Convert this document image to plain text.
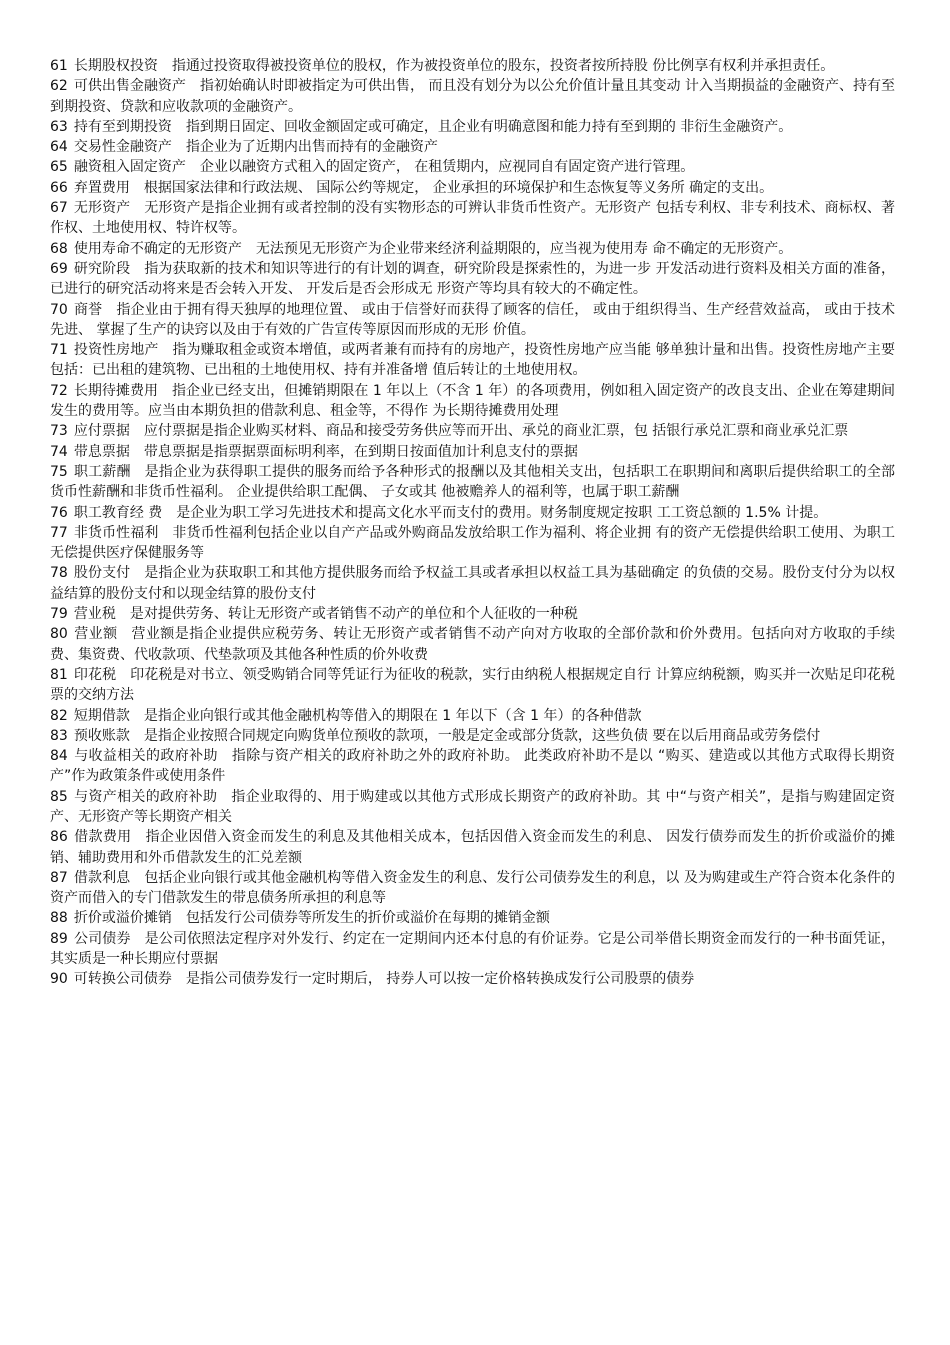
61 长期股权投资 指通过投资取得被投资单位的股权，作为被投资单位的股东，投资者按所持股 份比例享有权利并承担责任。

62 可供出售金融资产 指初始确认时即被指定为可供出售， 而且没有划分为以公允价值计量且其变动 计入当期损益的金融资产、持有至到期投资、贷款和应收款项的金融资产。

63 持有至到期投资 指到期日固定、回收金额固定或可确定，且企业有明确意图和能力持有至到期的 非衍生金融资产。

64 交易性金融资产 指企业为了近期内出售而持有的金融资产

65 融资租入固定资产 企业以融资方式租入的固定资产， 在租赁期内，应视同自有固定资产进行管理。

66 弃置费用 根据国家法律和行政法规、 国际公约等规定， 企业承担的环境保护和生态恢复等义务所 确定的支出。

67 无形资产 无形资产是指企业拥有或者控制的没有实物形态的可辨认非货币性资产。无形资产 包括专利权、非专利技术、商标权、著作权、土地使用权、特许权等。

68 使用寿命不确定的无形资产 无法预见无形资产为企业带来经济利益期限的，应当视为使用寿 命不确定的无形资产。

69 研究阶段 指为获取新的技术和知识等进行的有计划的调查，研究阶段是探索性的，为进一步 开发活动进行资料及相关方面的准备， 已进行的研究活动将来是否会转入开发、 开发后是否会形成无 形资产等均具有较大的不确定性。

70 商誉 指企业由于拥有得天独厚的地理位置、 或由于信誉好而获得了顾客的信任， 或由于组织得当、生产经营效益高， 或由于技术先进、 掌握了生产的诀窍以及由于有效的广告宣传等原因而形成的无形 价值。

71 投资性房地产 指为赚取租金或资本增值，或两者兼有而持有的房地产，投资性房地产应当能 够单独计量和出售。投资性房地产主要包括：已出租的建筑物、已出租的土地使用权、持有并准备增 值后转让的土地使用权。

72 长期待摊费用 指企业已经支出，但摊销期限在 1 年以上（不含 1 年）的各项费用，例如租入固定资产的改良支出、企业在筹建期间发生的费用等。应当由本期负担的借款利息、租金等，不得作 为长期待摊费用处理

73 应付票据 应付票据是指企业购买材料、商品和接受劳务供应等而开出、承兑的商业汇票，包 括银行承兑汇票和商业承兑汇票

74 带息票据 带息票据是指票据票面标明利率，在到期日按面值加计利息支付的票据

75 职工薪酬 是指企业为获得职工提供的服务而给予各种形式的报酬以及其他相关支出，包括职工在职期间和离职后提供给职工的全部货币性薪酬和非货币性福利。 企业提供给职工配偶、 子女或其 他被赡养人的福利等，也属于职工薪酬

76 职工教育经 费 是企业为职工学习先进技术和提高文化水平而支付的费用。财务制度规定按职 工工资总额的 1.5% 计提。

77 非货币性福利 非货币性福利包括企业以自产产品或外购商品发放给职工作为福利、将企业拥 有的资产无偿提供给职工使用、为职工无偿提供医疗保健服务等

78 股份支付 是指企业为获取职工和其他方提供服务而给予权益工具或者承担以权益工具为基础确定 的负债的交易。股份支付分为以权益结算的股份支付和以现金结算的股份支付

79 营业税 是对提供劳务、转让无形资产或者销售不动产的单位和个人征收的一种税

80 营业额 营业额是指企业提供应税劳务、转让无形资产或者销售不动产向对方收取的全部价款和价外费用。包括向对方收取的手续费、集资费、代收款项、代垫款项及其他各种性质的价外收费

81 印花税 印花税是对书立、领受购销合同等凭证行为征收的税款，实行由纳税人根据规定自行 计算应纳税额，购买并一次贴足印花税票的交纳方法

82 短期借款 是指企业向银行或其他金融机构等借入的期限在 1 年以下（含 1 年）的各种借款

83 预收账款 是指企业按照合同规定向购货单位预收的款项，一般是定金或部分货款，这些负债 要在以后用商品或劳务偿付

84 与收益相关的政府补助 指除与资产相关的政府补助之外的政府补助。 此类政府补助不是以 “购买、建造或以其他方式取得长期资产”作为政策条件或使用条件

85 与资产相关的政府补助 指企业取得的、用于购建或以其他方式形成长期资产的政府补助。其 中“与资产相关”，是指与购建固定资产、无形资产等长期资产相关

86 借款费用 指企业因借入资金而发生的利息及其他相关成本，包括因借入资金而发生的利息、 因发行债券而发生的折价或溢价的摊销、辅助费用和外币借款发生的汇兑差额

87 借款利息 包括企业向银行或其他金融机构等借入资金发生的利息、发行公司债券发生的利息，以 及为购建或生产符合资本化条件的资产而借入的专门借款发生的带息债务所承担的利息等

88 折价或溢价摊销 包括发行公司债券等所发生的折价或溢价在每期的摊销金额

89 公司债券 是公司依照法定程序对外发行、约定在一定期间内还本付息的有价证券。它是公司举借长期资金而发行的一种书面凭证，其实质是一种长期应付票据

90 可转换公司债券 是指公司债券发行一定时期后， 持券人可以按一定价格转换成发行公司股票的债券
